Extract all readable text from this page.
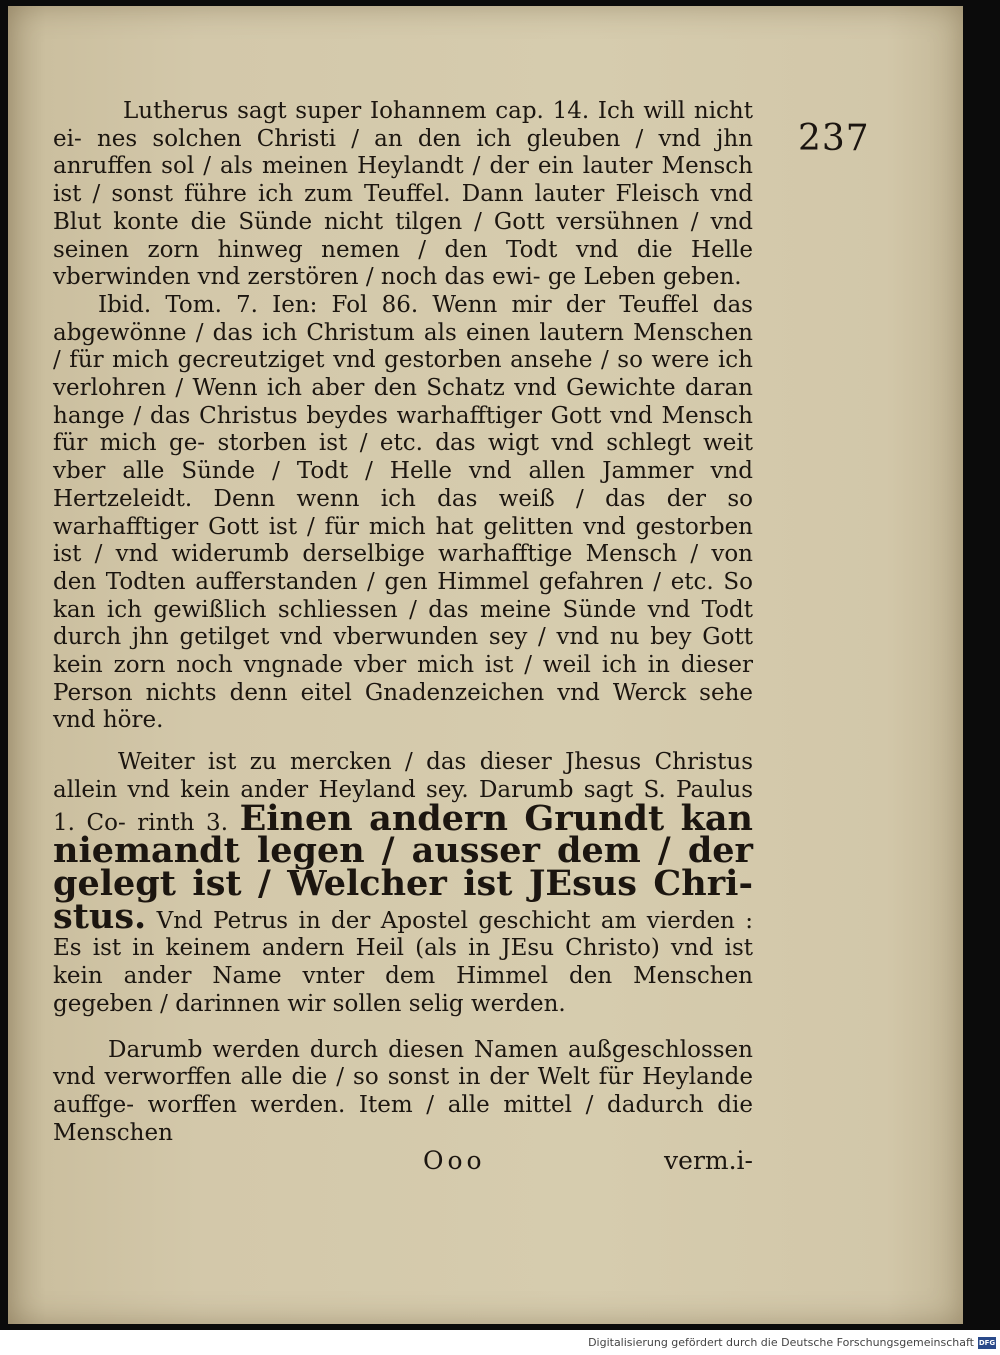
237

Lutherus sagt super Iohannem cap. 14. Ich will nicht ei- nes solchen Christi / an den ich gleuben / vnd jhn anruffen sol / als meinen Heylandt / der ein lauter Mensch ist / sonst führe ich zum Teuffel. Dann lauter Fleisch vnd Blut konte die Sünde nicht tilgen / Gott versühnen / vnd seinen zorn hinweg nemen / den Todt vnd die Helle vberwinden vnd zerstören / noch das ewi- ge Leben geben.

Ibid. Tom. 7. Ien: Fol 86. Wenn mir der Teuffel das abgewönne / das ich Christum als einen lautern Menschen / für mich gecreutziget vnd gestorben ansehe / so were ich verlohren / Wenn ich aber den Schatz vnd Gewichte daran hange / das Christus beydes warhafftiger Gott vnd Mensch für mich ge- storben ist / etc. das wigt vnd schlegt weit vber alle Sünde / Todt / Helle vnd allen Jammer vnd Hertzeleidt. Denn wenn ich das weiß / das der so warhafftiger Gott ist / für mich hat gelitten vnd gestorben ist / vnd widerumb derselbige warhafftige Mensch / von den Todten aufferstanden / gen Himmel gefahren / etc. So kan ich gewißlich schliessen / das meine Sünde vnd Todt durch jhn getilget vnd vberwunden sey / vnd nu bey Gott kein zorn noch vngnade vber mich ist / weil ich in dieser Person nichts denn eitel Gnadenzeichen vnd Werck sehe vnd höre.

Weiter ist zu mercken / das dieser Jhesus Christus allein vnd kein ander Heyland sey. Darumb sagt S. Paulus 1. Co- rinth 3. Einen andern Grundt kan niemandt legen / ausser dem / der gelegt ist / Welcher ist JEsus Chri- stus. Vnd Petrus in der Apostel geschicht am vierden : Es ist in keinem andern Heil (als in JEsu Christo) vnd ist kein ander Name vnter dem Himmel den Menschen gegeben / darinnen wir sollen selig werden.

Darumb werden durch diesen Namen außgeschlossen vnd verworffen alle die / so sonst in der Welt für Heylande auffge- worffen werden. Item / alle mittel / dadurch die Menschen

Ooo	verm.i-
Digitalisierung gefördert durch die Deutsche Forschungsgemeinschaft DFG
